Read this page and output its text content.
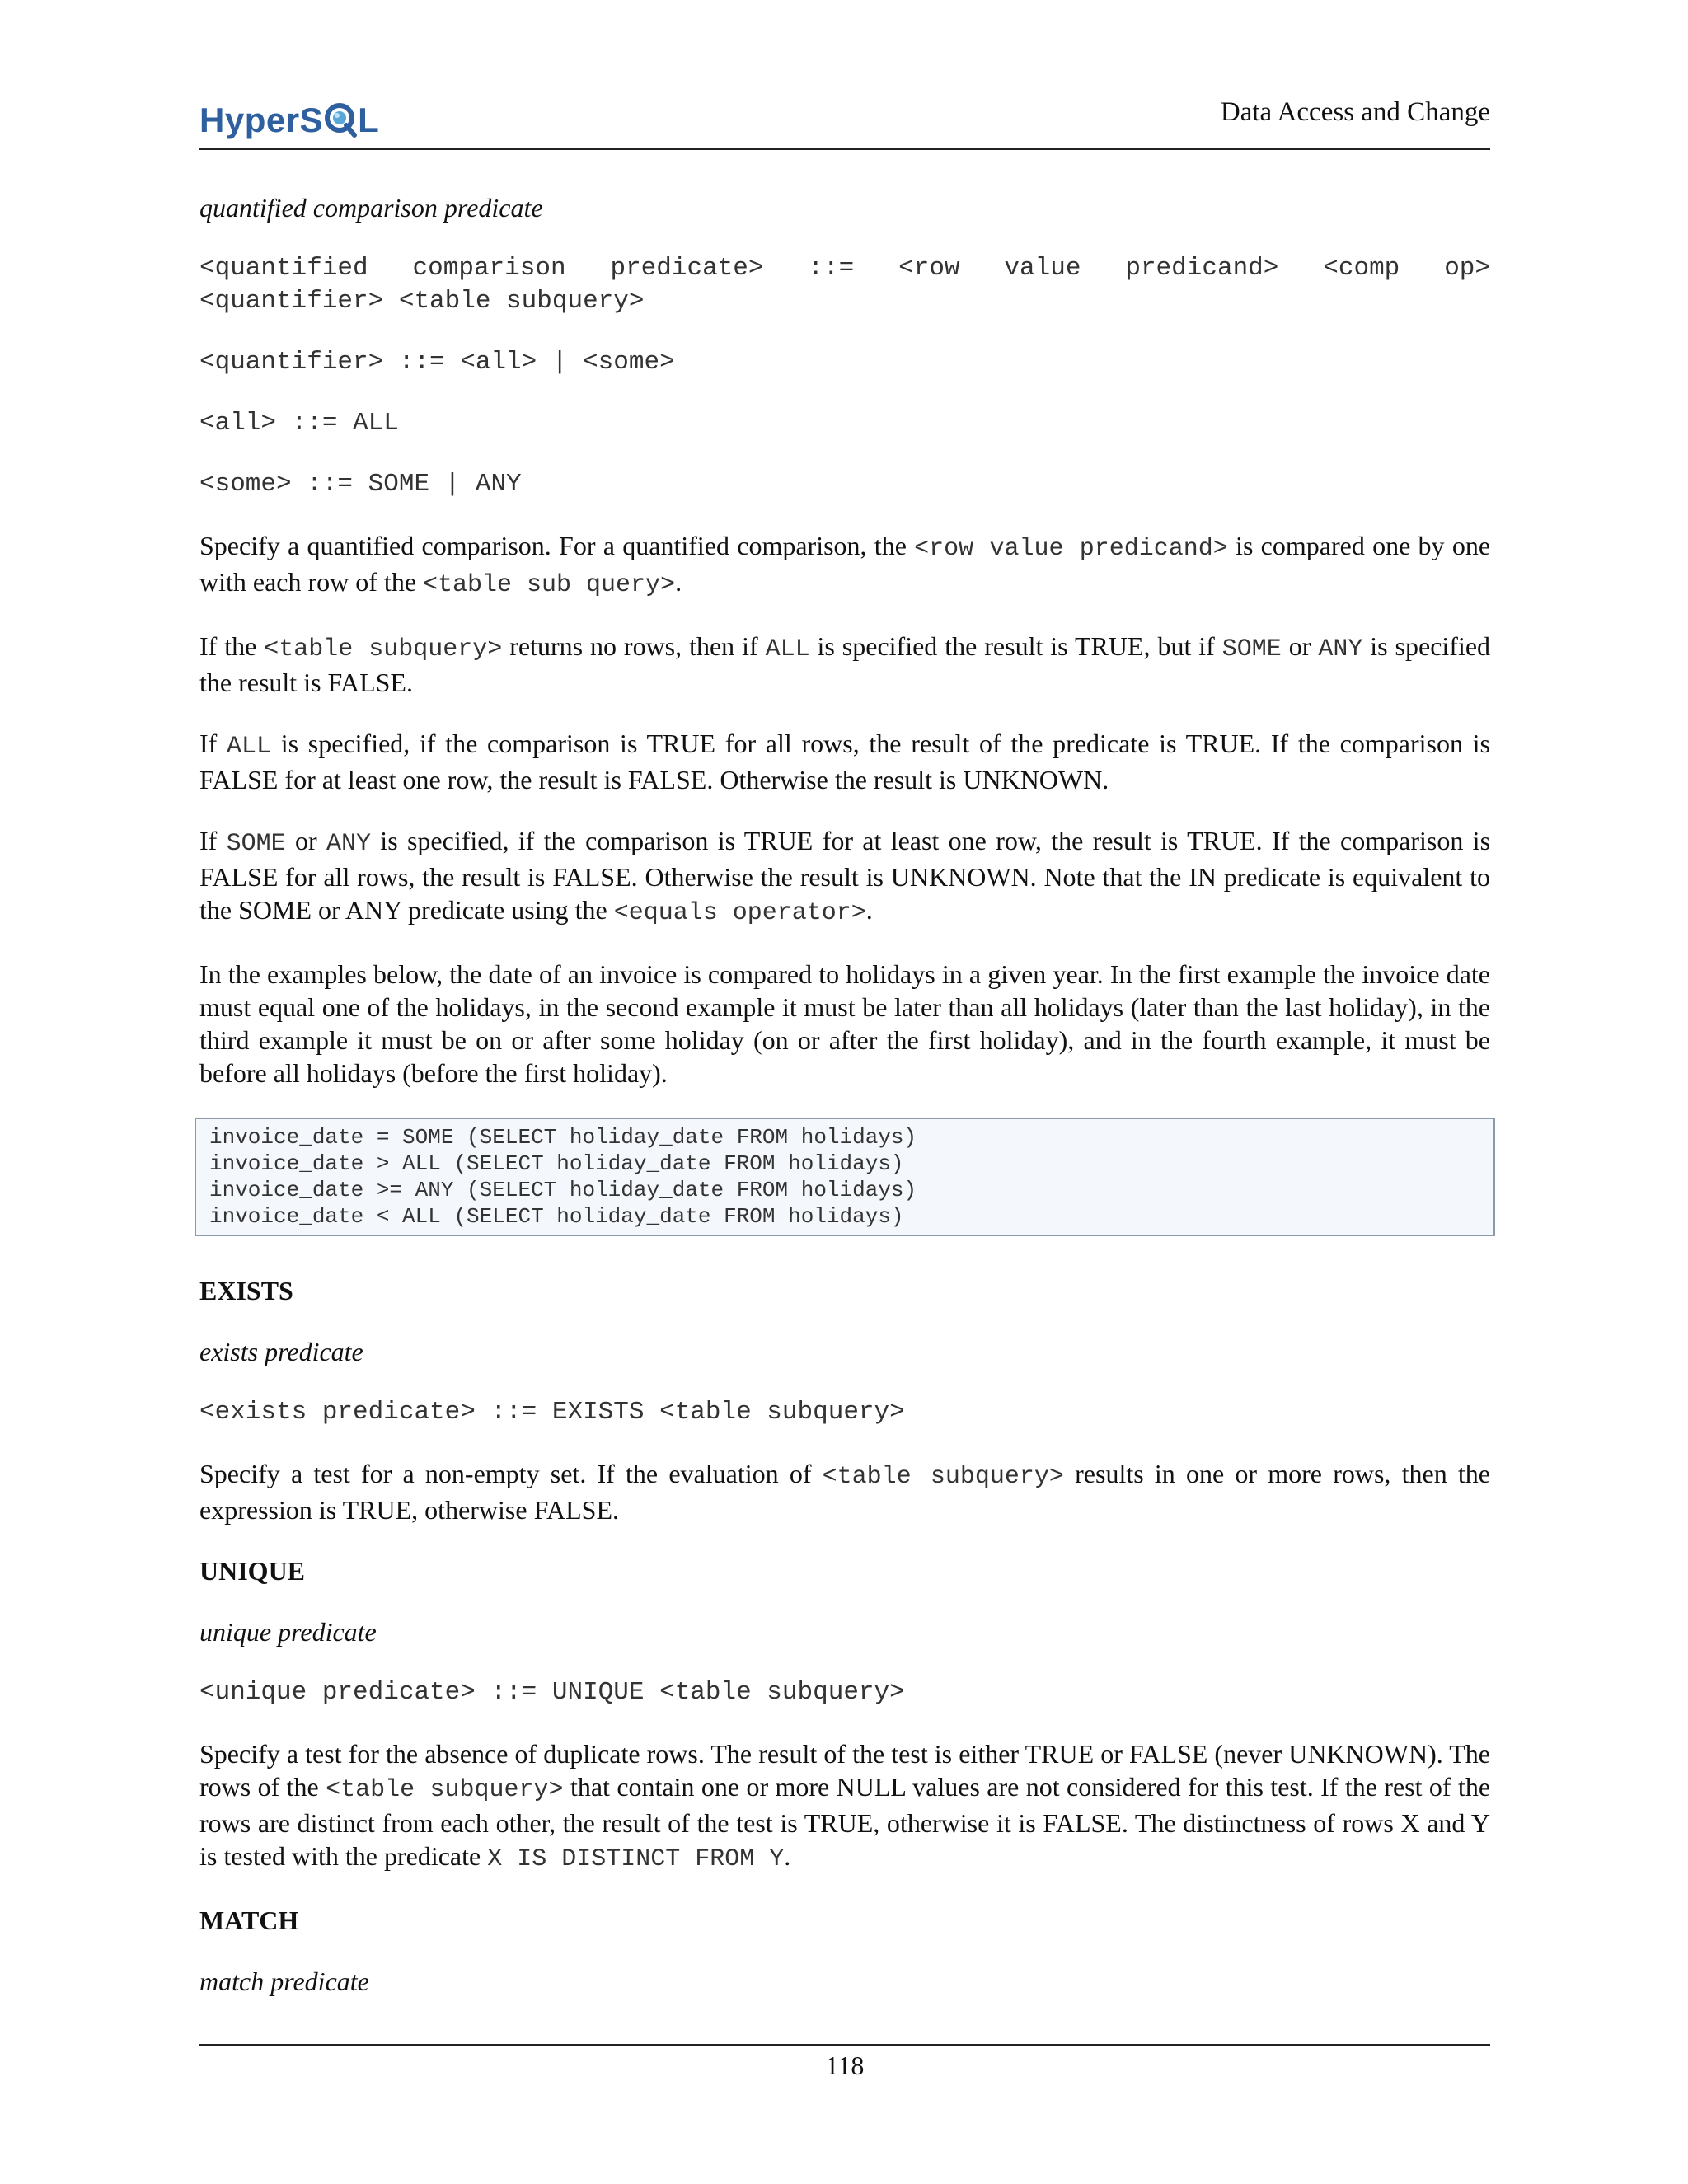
HyperS L	Data Access and Change

quantified comparison predicate

<quantified comparison predicate> ::= <row value predicand> <comp op>
<quantifier> <table subquery>

<quantifier> ::= <all> | <some>

<all> ::= ALL

<some> ::= SOME | ANY

Specify a quantified comparison. For a quantified comparison, the <row value predicand> is compared one by one with each row of the <table sub query>.

If the <table subquery> returns no rows, then if ALL is specified the result is TRUE, but if SOME or ANY is specified the result is FALSE.

If ALL is specified, if the comparison is TRUE for all rows, the result of the predicate is TRUE. If the comparison is FALSE for at least one row, the result is FALSE. Otherwise the result is UNKNOWN.

If SOME or ANY is specified, if the comparison is TRUE for at least one row, the result is TRUE. If the comparison is FALSE for all rows, the result is FALSE. Otherwise the result is UNKNOWN. Note that the IN predicate is equivalent to the SOME or ANY predicate using the <equals operator>.

In the examples below, the date of an invoice is compared to holidays in a given year. In the first example the invoice date must equal one of the holidays, in the second example it must be later than all holidays (later than the last holiday), in the third example it must be on or after some holiday (on or after the first holiday), and in the fourth example, it must be before all holidays (before the first holiday).

invoice_date = SOME (SELECT holiday_date FROM holidays)
invoice_date > ALL (SELECT holiday_date FROM holidays)
invoice_date >= ANY (SELECT holiday_date FROM holidays)
invoice_date < ALL (SELECT holiday_date FROM holidays)

EXISTS

exists predicate

<exists predicate> ::= EXISTS <table subquery>

Specify a test for a non-empty set. If the evaluation of <table subquery> results in one or more rows, then the expression is TRUE, otherwise FALSE.

UNIQUE

unique predicate

<unique predicate> ::= UNIQUE <table subquery>

Specify a test for the absence of duplicate rows. The result of the test is either TRUE or FALSE (never UNKNOWN). The rows of the <table subquery> that contain one or more NULL values are not considered for this test. If the rest of the rows are distinct from each other, the result of the test is TRUE, otherwise it is FALSE. The distinctness of rows X and Y is tested with the predicate X IS DISTINCT FROM Y.

MATCH

match predicate

118
